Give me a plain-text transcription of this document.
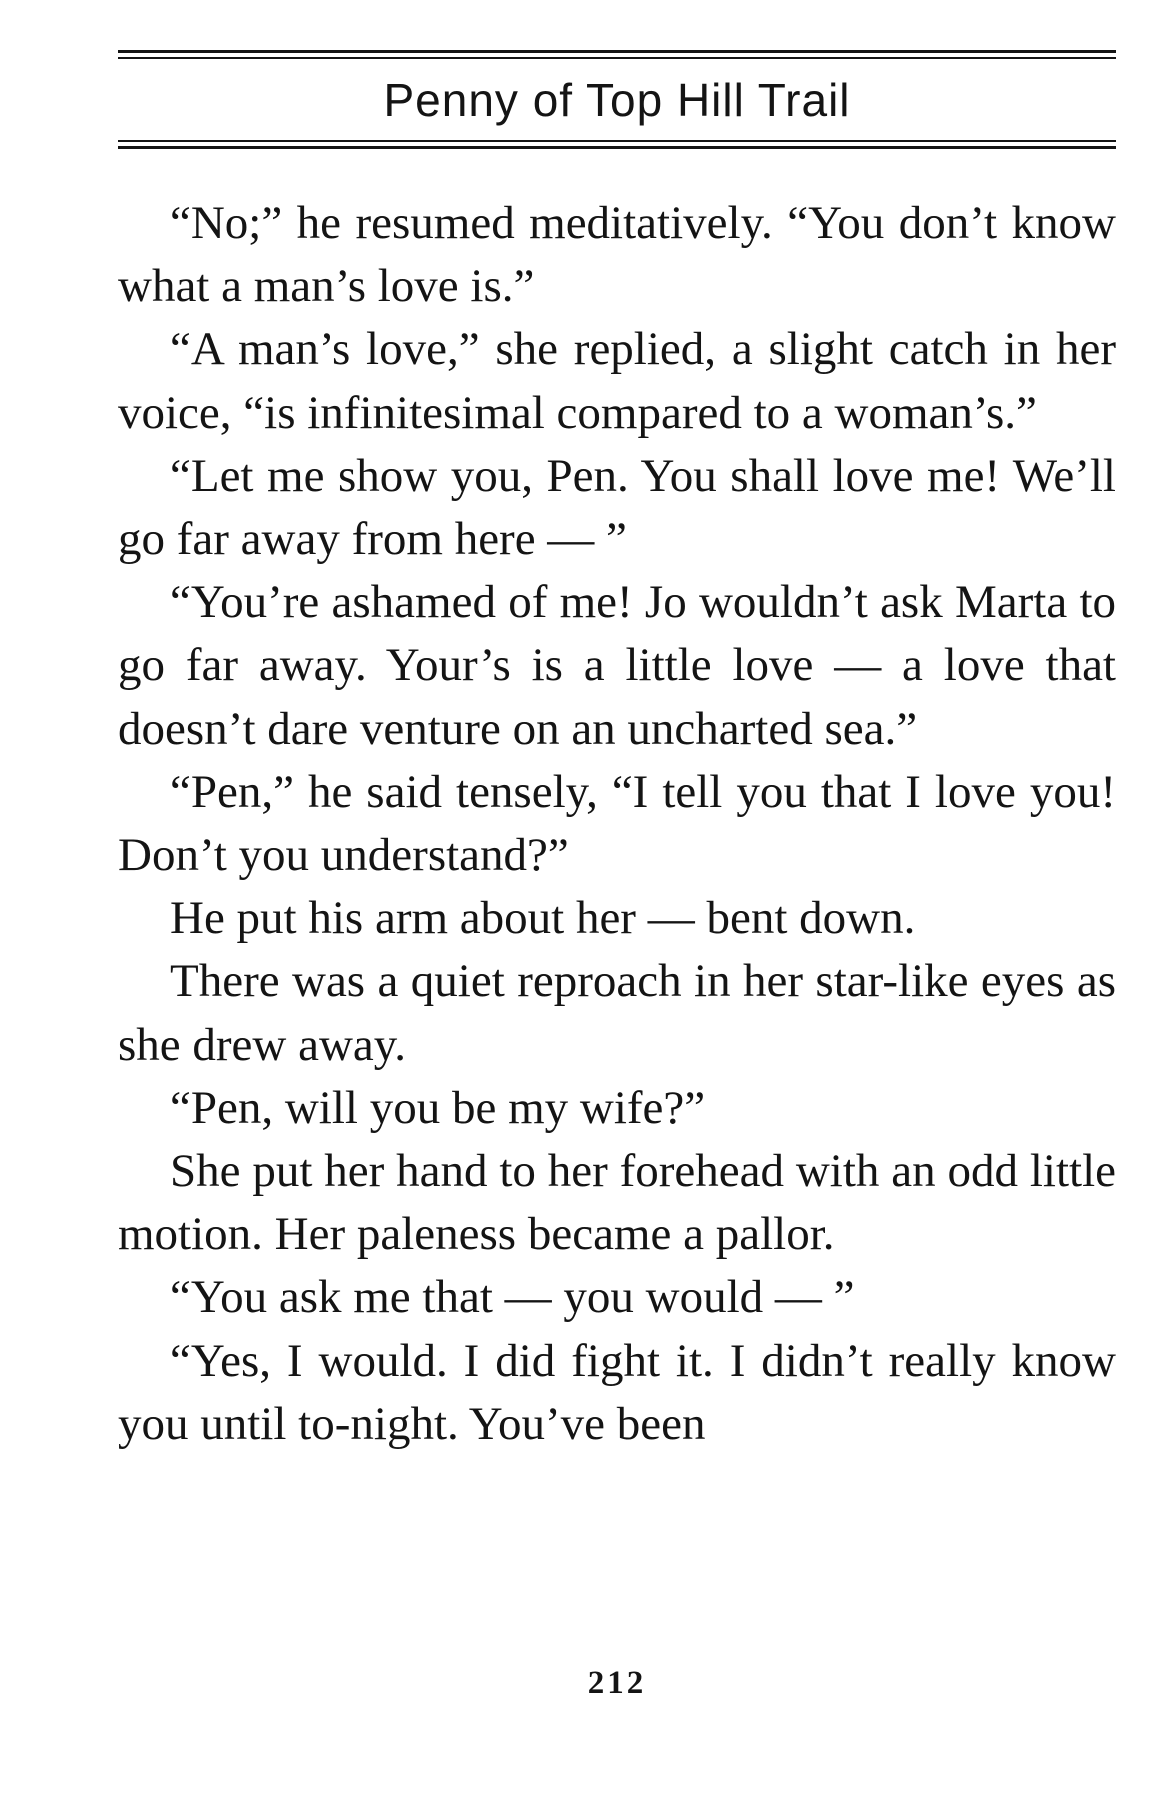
Penny of Top Hill Trail

“No;” he resumed meditatively. “You don’t know what a man’s love is.”

“A man’s love,” she replied, a slight catch in her voice, “is infinitesimal compared to a woman’s.”

“Let me show you, Pen. You shall love me! We’ll go far away from here — ”

“You’re ashamed of me! Jo wouldn’t ask Marta to go far away. Your’s is a little love — a love that doesn’t dare venture on an uncharted sea.”

“Pen,” he said tensely, “I tell you that I love you! Don’t you understand?”

He put his arm about her — bent down.

There was a quiet reproach in her star-like eyes as she drew away.

“Pen, will you be my wife?”

She put her hand to her forehead with an odd little motion. Her paleness became a pallor.

“You ask me that — you would — ”

“Yes, I would. I did fight it. I didn’t really know you until to-night. You’ve been

212
